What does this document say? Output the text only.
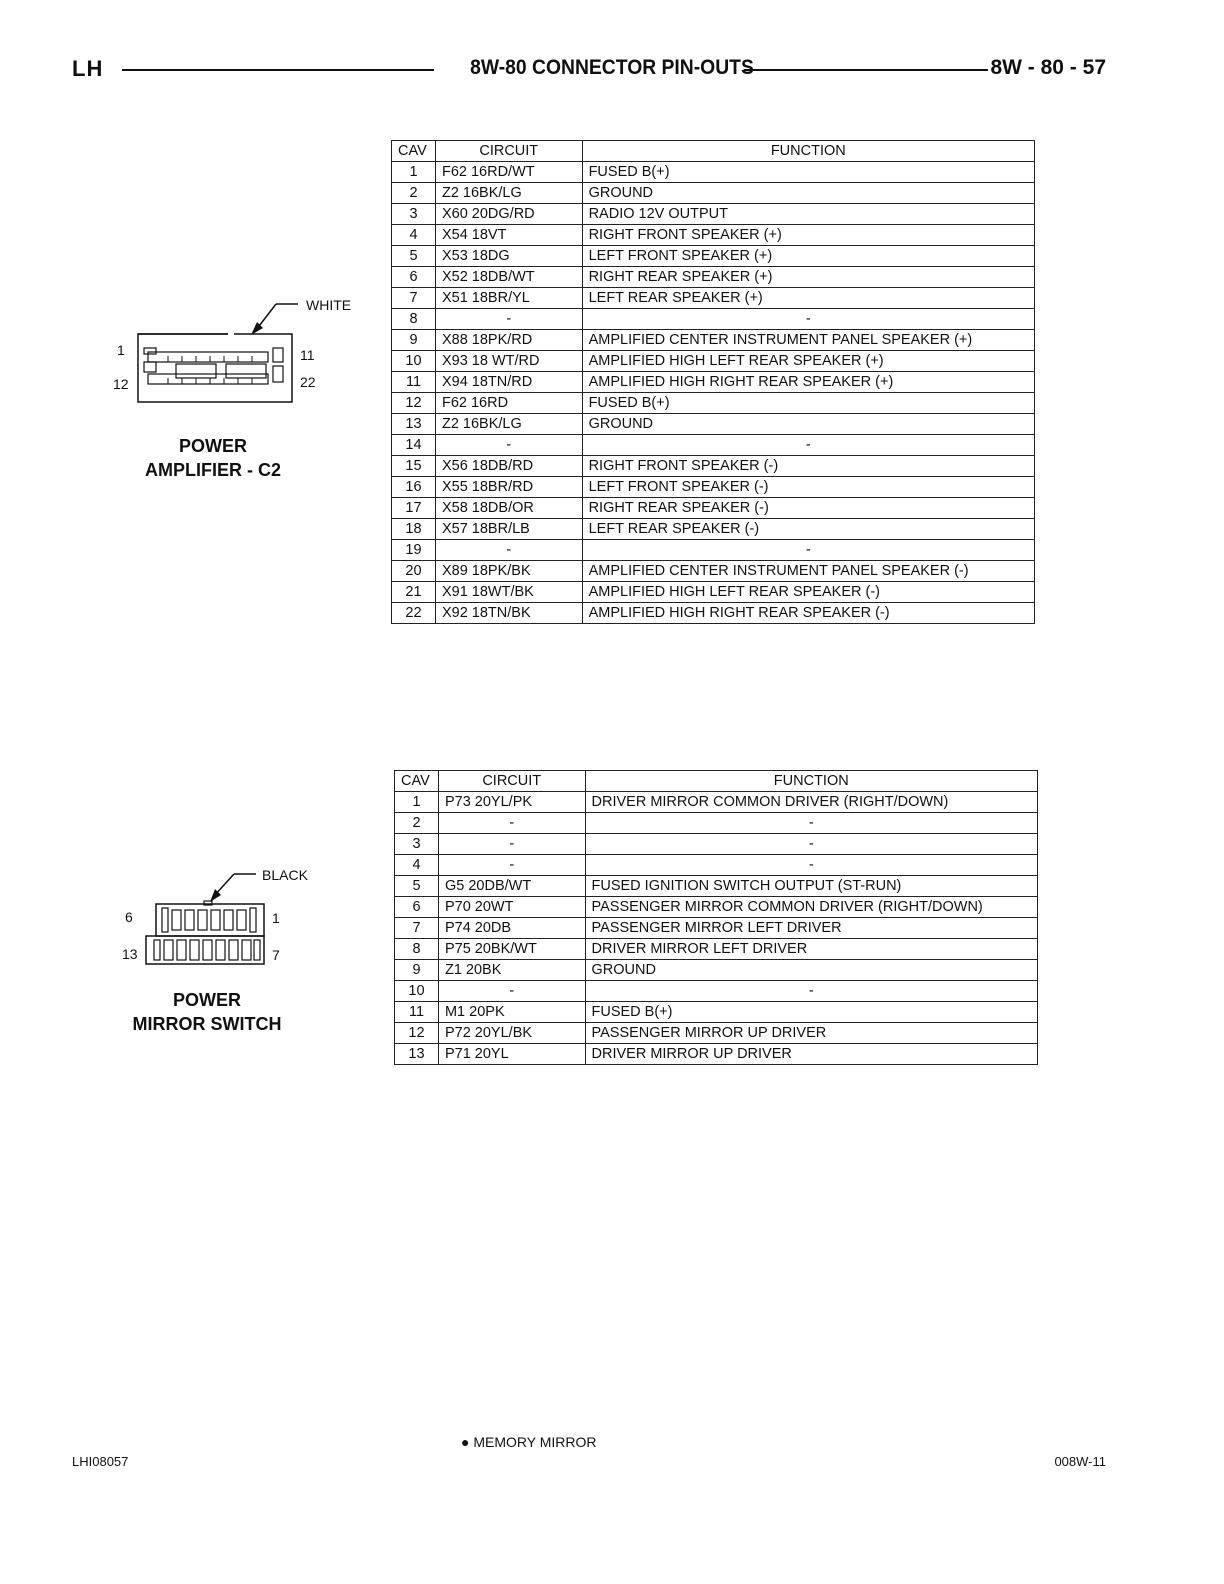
LH	8W-80 CONNECTOR PIN-OUTS	8W - 80 - 57
WHITE
1	11
12	22
POWER
AMPLIFIER - C2
CAV	CIRCUIT	FUNCTION
1	F62 16RD/WT	FUSED B(+)
2	Z2 16BK/LG	GROUND
3	X60 20DG/RD	RADIO 12V OUTPUT
4	X54 18VT	RIGHT FRONT SPEAKER (+)
5	X53 18DG	LEFT FRONT SPEAKER (+)
6	X52 18DB/WT	RIGHT REAR SPEAKER (+)
7	X51 18BR/YL	LEFT REAR SPEAKER (+)
8	-	-
9	X88 18PK/RD	AMPLIFIED CENTER INSTRUMENT PANEL SPEAKER (+)
10	X93 18 WT/RD	AMPLIFIED HIGH LEFT REAR SPEAKER (+)
11	X94 18TN/RD	AMPLIFIED HIGH RIGHT REAR SPEAKER (+)
12	F62 16RD	FUSED B(+)
13	Z2 16BK/LG	GROUND
14	-	-
15	X56 18DB/RD	RIGHT FRONT SPEAKER (-)
16	X55 18BR/RD	LEFT FRONT SPEAKER (-)
17	X58 18DB/OR	RIGHT REAR SPEAKER (-)
18	X57 18BR/LB	LEFT REAR SPEAKER (-)
19	-	-
20	X89 18PK/BK	AMPLIFIED CENTER INSTRUMENT PANEL SPEAKER (-)
21	X91 18WT/BK	AMPLIFIED HIGH LEFT REAR SPEAKER (-)
22	X92 18TN/BK	AMPLIFIED HIGH RIGHT REAR SPEAKER (-)
BLACK
6	1
13	7
POWER
MIRROR SWITCH
CAV	CIRCUIT	FUNCTION
1	P73 20YL/PK	DRIVER MIRROR COMMON DRIVER (RIGHT/DOWN)
2	-	-
3	-	-
4	-	-
5	G5 20DB/WT	FUSED IGNITION SWITCH OUTPUT (ST-RUN)
6	P70 20WT	PASSENGER MIRROR COMMON DRIVER (RIGHT/DOWN)
7	P74 20DB	PASSENGER MIRROR LEFT DRIVER
8	P75 20BK/WT	DRIVER MIRROR LEFT DRIVER
9	Z1 20BK	GROUND
10	-	-
11	M1 20PK	FUSED B(+)
12	P72 20YL/BK	PASSENGER MIRROR UP DRIVER
13	P71 20YL	DRIVER MIRROR UP DRIVER
● MEMORY MIRROR
LHI08057	008W-11
